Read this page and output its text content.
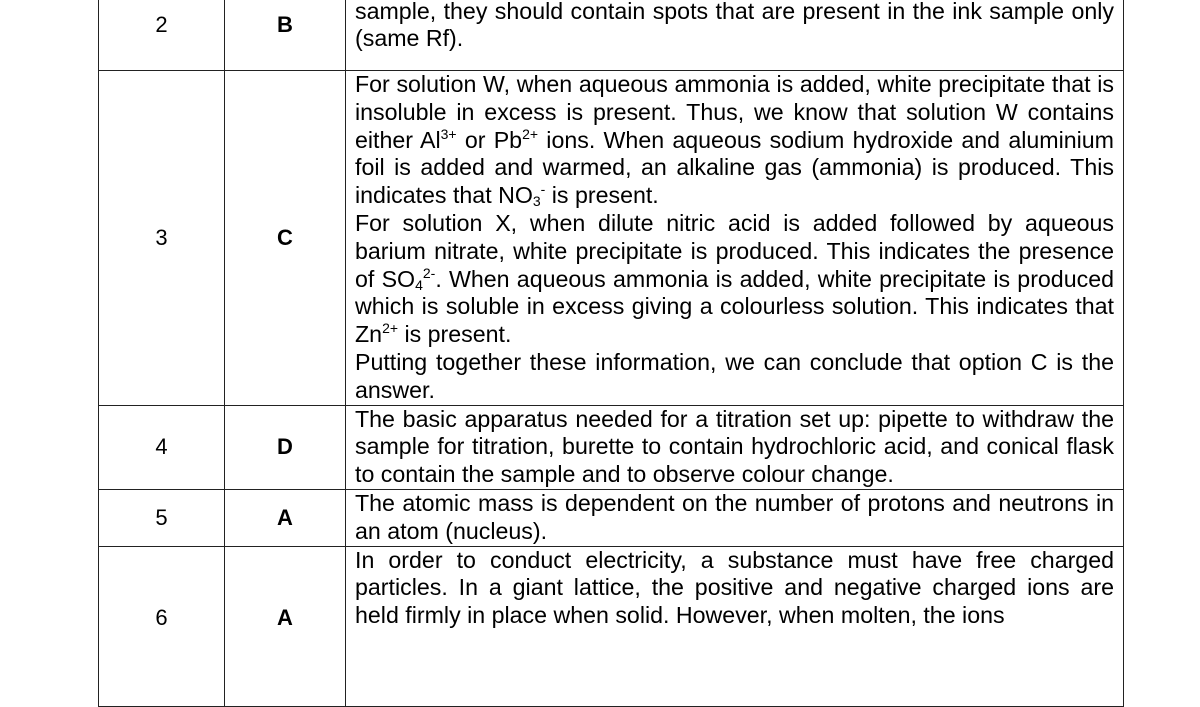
2	B	sample, they should contain spots that are present in the ink sample only (same Rf).

3	C	For solution W, when aqueous ammonia is added, white precipitate that is insoluble in excess is present. Thus, we know that solution W contains either $Al^{3+}$ or $Pb^{2+}$ ions. When aqueous sodium hydroxide and aluminium foil is added and warmed, an alkaline gas (ammonia) is produced. This indicates that $NO_3^-$ is present.

For solution X, when dilute nitric acid is added followed by aqueous barium nitrate, white precipitate is produced. This indicates the presence of $SO_4^{2-}$. When aqueous ammonia is added, white precipitate is produced which is soluble in excess giving a colourless solution. This indicates that $Zn^{2+}$ is present.

Putting together these information, we can conclude that option C is the answer.

4	D	The basic apparatus needed for a titration set up: pipette to withdraw the sample for titration, burette to contain hydrochloric acid, and conical flask to contain the sample and to observe colour change.

5	A	The atomic mass is dependent on the number of protons and neutrons in an atom (nucleus).

6	A	In order to conduct electricity, a substance must have free charged particles. In a giant lattice, the positive and negative charged ions are held firmly in place when solid. However, when molten, the ions
